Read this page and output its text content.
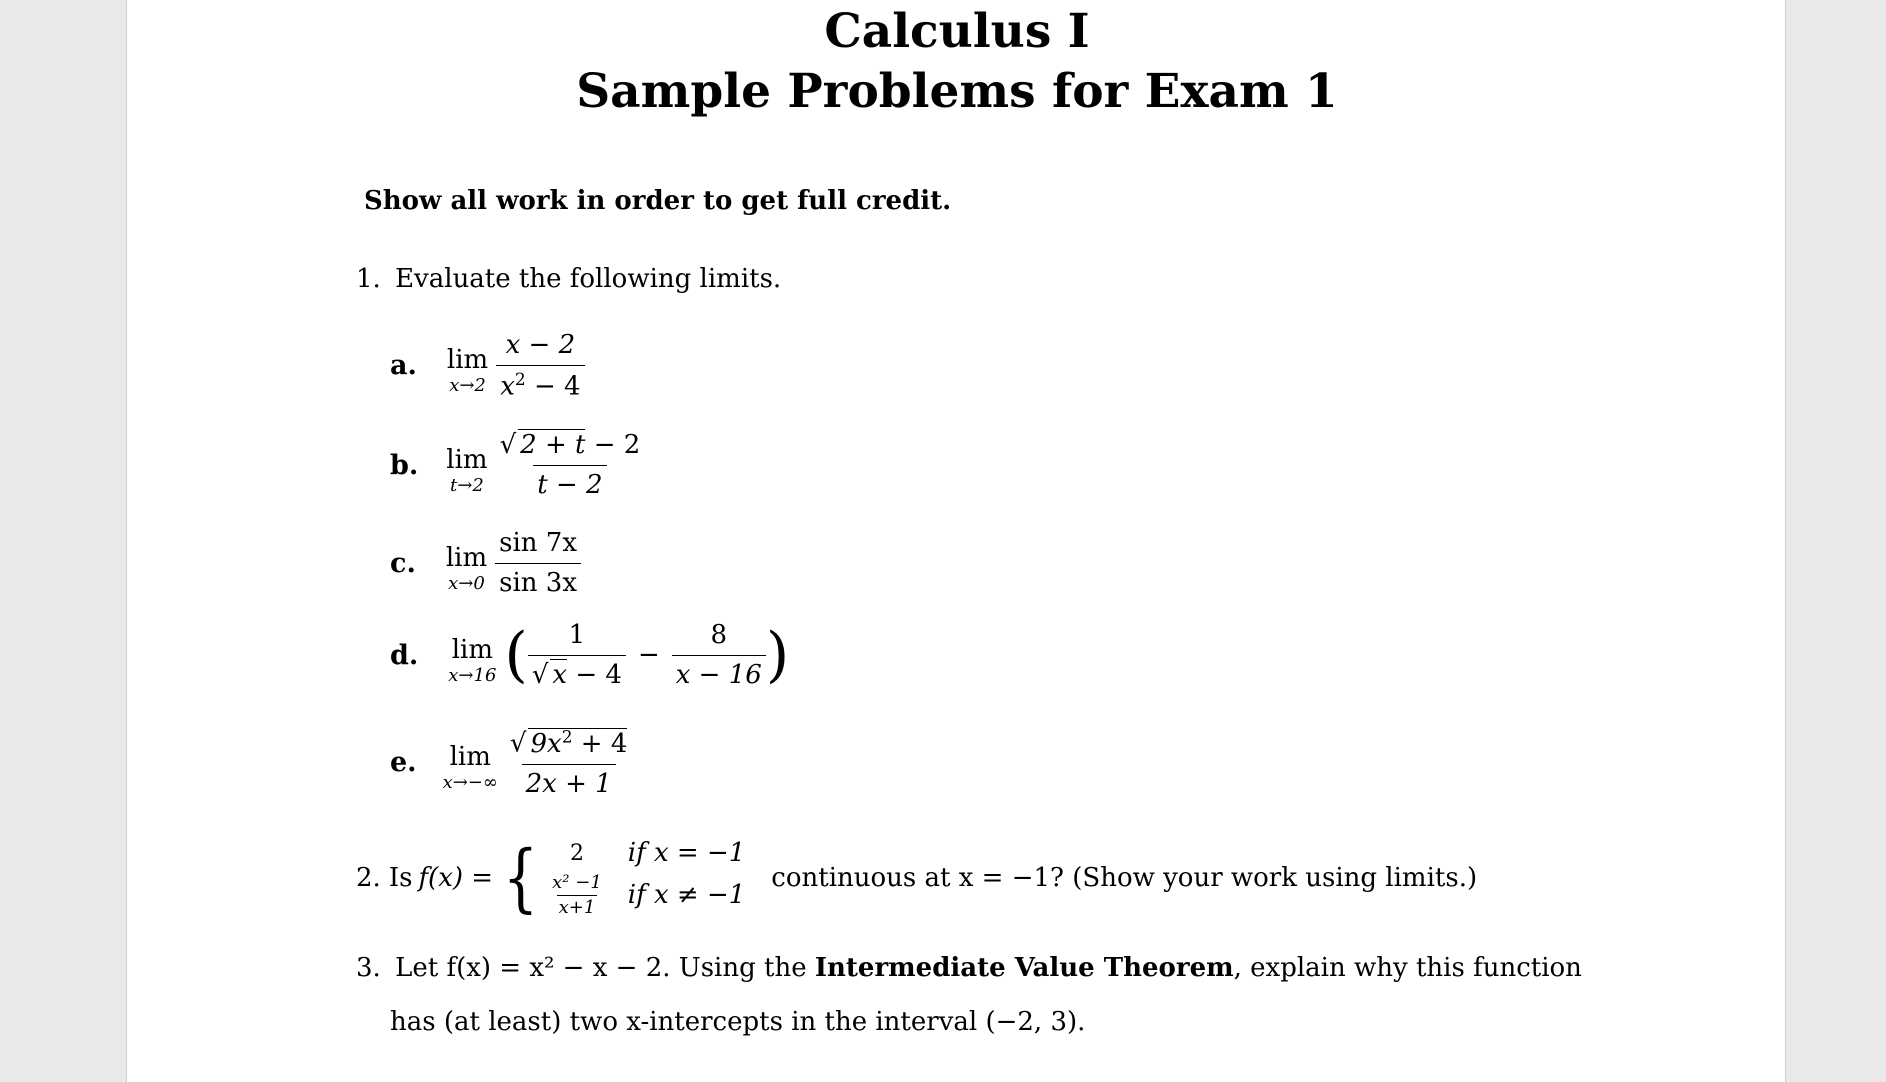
Calculus I
Sample Problems for Exam 1
Show all work in order to get full credit.
1. Evaluate the following limits.
a. lim
$x\to 2 \frac{x - 2}{x^2 - 4}$
b. lim
$t\to 2 \frac{√ 2 + t - 2}{t - 2}$
c. lim
$x\to 0 \frac{\sin 7x}{\sin 3x}$
d. lim
x→16 ( $\frac{1}{√ x - 4} - \frac{8}{x - 16}$ )
e. lim
$x\to-\infty \frac{√ 9x^2 + 4}{2x + 1}$
2. Is f(x) = {	2	if x = −1
$\frac{\text{x² −1}}{x+1}$ if x ≠ −1
continuous at x = −1? (Show your work using limits.)
3. Let f(x) = x² − x − 2. Using the Intermediate Value Theorem, explain why this function
has (at least) two x-intercepts in the interval (−2, 3).
